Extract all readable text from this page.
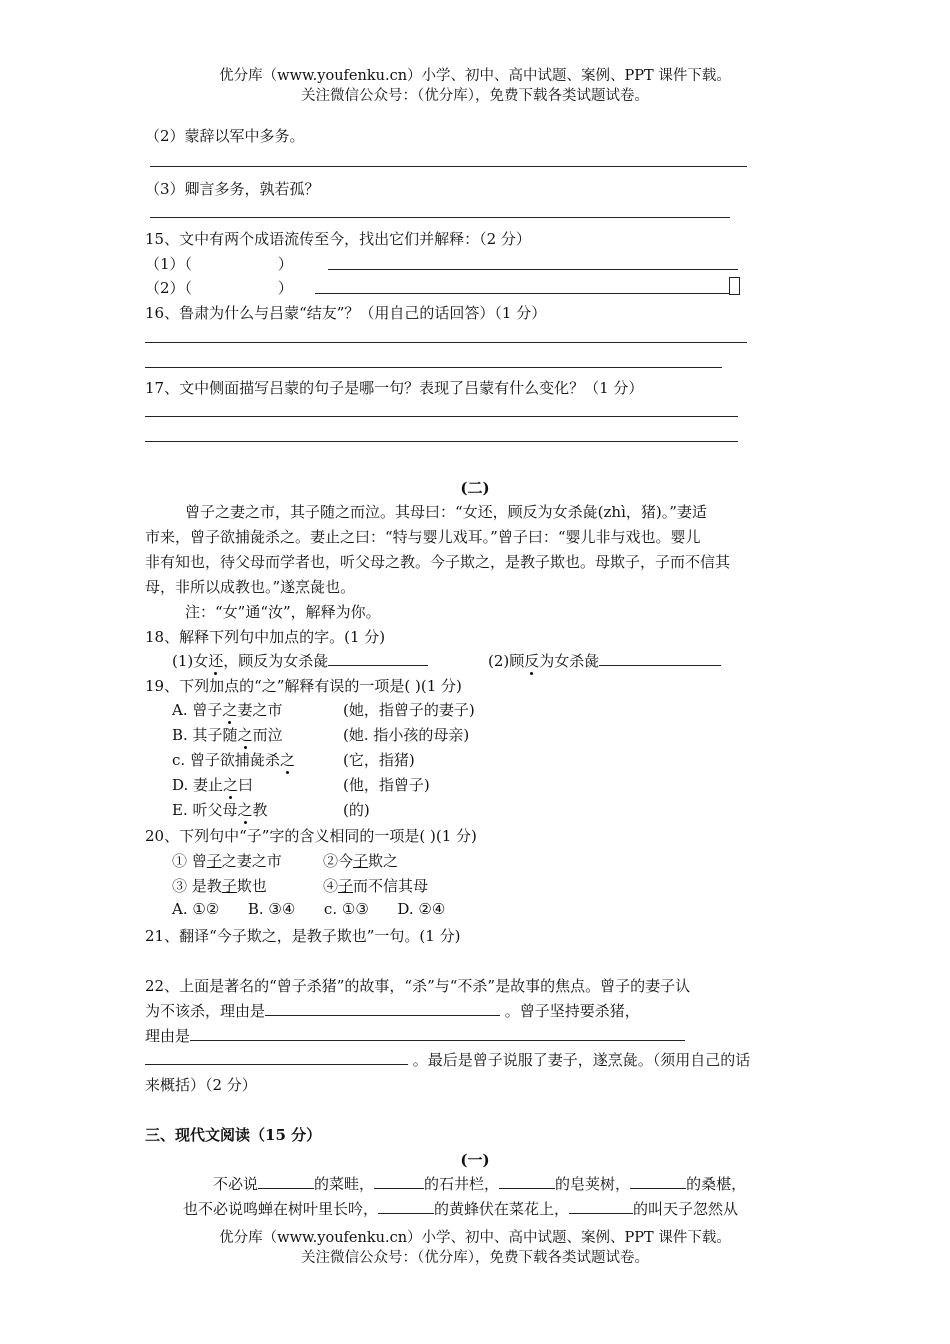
优分库（www.youfenku.cn）小学、初中、高中试题、案例、PPT 课件下载。
关注微信公众号：（优分库），免费下载各类试题试卷。
（2）蒙辞以军中多务。
（3）卿言多务，孰若孤？
15、文中有两个成语流传至今，找出它们并解释：（2 分）
（1）（                  ）
（2）（                  ）
16、鲁肃为什么与吕蒙“结友”？（用自己的话回答）（1 分）
17、文中侧面描写吕蒙的句子是哪一句？表现了吕蒙有什么变化？（1 分）
(二)
曾子之妻之市，其子随之而泣。其母曰：“女还，顾反为女杀彘(zhì，猪)。”妻适
市来，曾子欲捕彘杀之。妻止之曰：“特与婴儿戏耳。”曾子曰：“婴儿非与戏也。婴儿
非有知也，待父母而学者也，听父母之教。今子欺之，是教子欺也。母欺子，子而不信其
母，非所以成教也。”遂烹彘也。
注：“女”通“汝”，解释为你。
18、解释下列句中加点的字。(1 分)
(1)女还，顾反为女杀彘	(2)顾反为女杀彘
19、下列加点的“之”解释有误的一项是( )(1 分)
A. 曾子之妻之市	(她，指曾子的妻子)
B. 其子随之而泣	(她. 指小孩的母亲)
c. 曾子欲捕彘杀之	(它，指猪)
D. 妻止之曰	(他，指曾子)
E. 听父母之教	(的)
20、下列句中“子”字的含义相同的一项是( )(1 分)
① 曾子之妻之市	②今子欺之
③ 是教子欺也	④子而不信其母
A. ①②      B. ③④      c. ①③      D. ②④
21、翻译“今子欺之，是教子欺也”一句。(1 分)
22、上面是著名的“曾子杀猪”的故事，“杀”与“不杀”是故事的焦点。曾子的妻子认
为不该杀，理由是	。曾子坚持要杀猪，
理由是
。最后是曾子说服了妻子，遂烹彘。（须用自己的话
来概括）（2 分）
三、现代文阅读（15 分）
(一)
不必说	的菜畦，	的石井栏，	的皂荚树，	的桑椹，
也不必说鸣蝉在树叶里长吟，	的黄蜂伏在菜花上，	的叫天子忽然从
优分库（www.youfenku.cn）小学、初中、高中试题、案例、PPT 课件下载。
关注微信公众号：（优分库），免费下载各类试题试卷。
